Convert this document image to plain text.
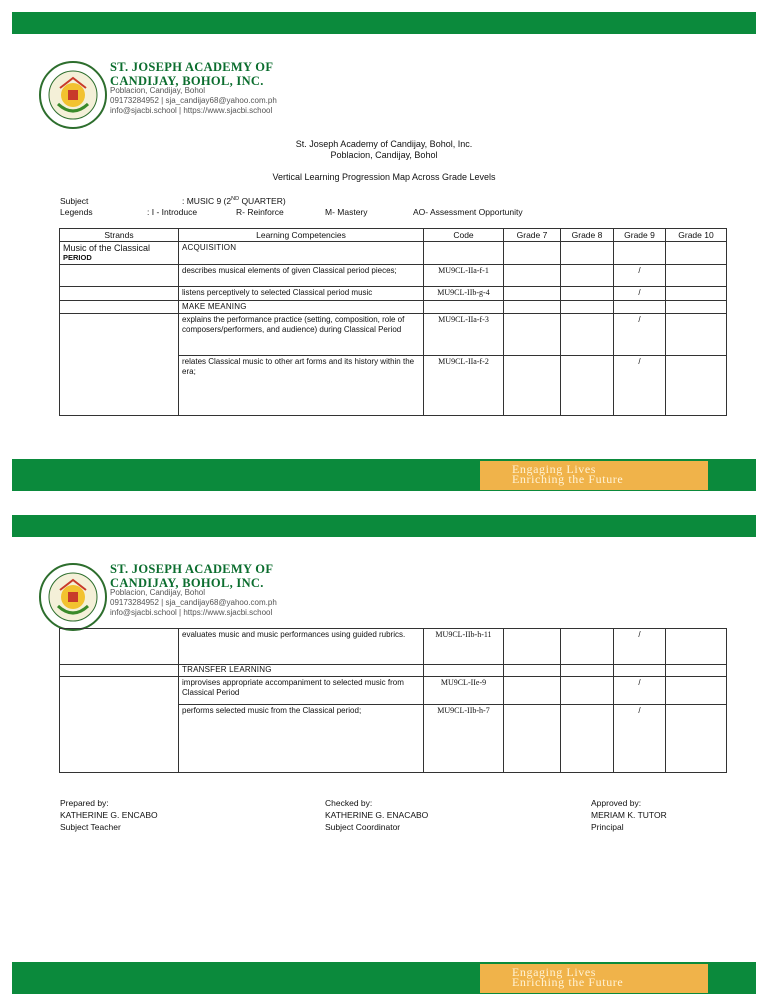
ST. JOSEPH ACADEMY OF
CANDIJAY, BOHOL, INC.
Poblacion, Candijay, Bohol
09173284952 | sja_candijay68@yahoo.com.ph
info@sjacbi.school | https://www.sjacbi.school
St. Joseph Academy of Candijay, Bohol, Inc.
Poblacion, Candijay, Bohol
Vertical Learning Progression Map Across Grade Levels
Subject	: MUSIC 9 (2ND QUARTER)
Legends	: I - Introduce	R- Reinforce	M- Mastery	AO- Assessment Opportunity
Strands	Learning Competencies	Code	Grade 7	Grade 8	Grade 9	Grade 10

Music of the Classical
PERIOD	ACQUISITION					
	describes musical elements of given Classical period pieces;	MU9CL-IIa-f-1			/	
	listens perceptively to selected Classical period music	MU9CL-IIb-g-4			/	
	MAKE MEANING					
	explains the performance practice (setting, composition, role of composers/performers, and audience) during Classical Period	MU9CL-IIa-f-3			/	
	relates Classical music to other art forms and its history within the era;	MU9CL-IIa-f-2			/	
Engaging Lives
Enriching the Future
ST. JOSEPH ACADEMY OF
CANDIJAY, BOHOL, INC.
Poblacion, Candijay, Bohol
09173284952 | sja_candijay68@yahoo.com.ph
info@sjacbi.school | https://www.sjacbi.school
	evaluates music and music performances using guided rubrics.	MU9CL-IIb-h-11			/	
	TRANSFER LEARNING					
	improvises appropriate accompaniment to selected music from Classical Period	MU9CL-IIe-9			/	
	performs selected music from the Classical period;	MU9CL-IIb-h-7			/	
Prepared by:
KATHERINE G. ENCABO
Subject Teacher
Checked by:
KATHERINE G. ENACABO
Subject Coordinator
Approved by:
MERIAM K. TUTOR
Principal
Engaging Lives
Enriching the Future
